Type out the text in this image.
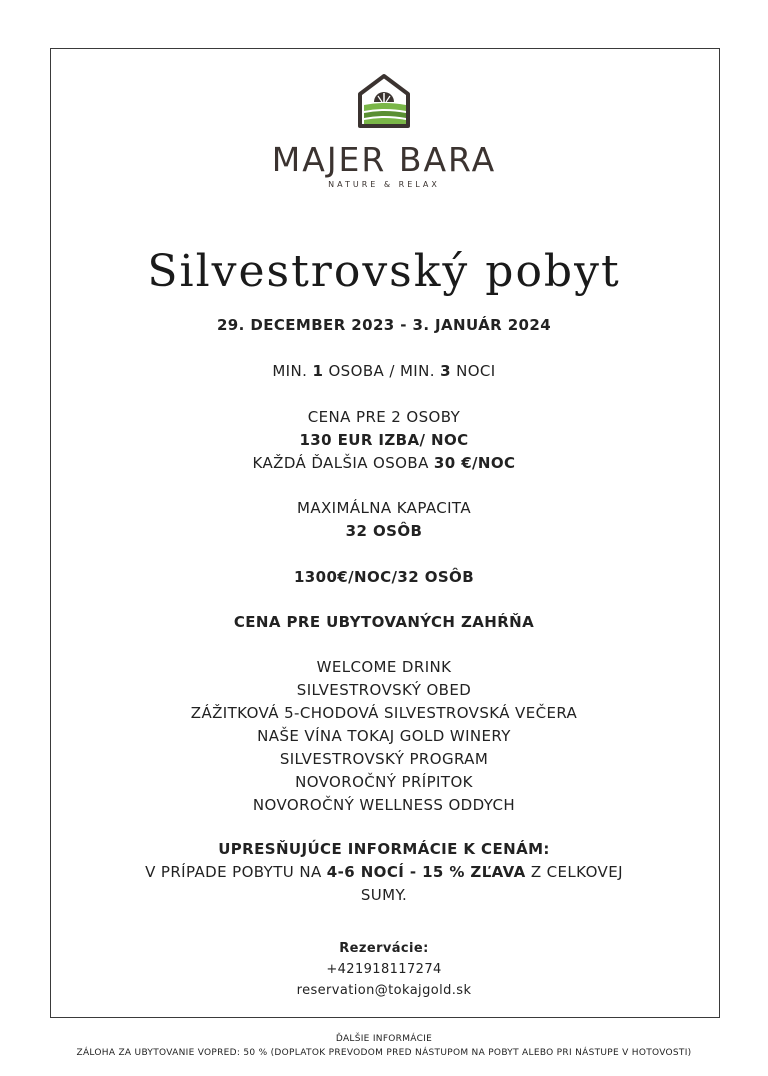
MAJER BARA
NATURE & RELAX
Silvestrovský pobyt
29. DECEMBER 2023 - 3. JANUÁR 2024
MIN. 1 OSOBA / MIN. 3 NOCI
CENA PRE 2 OSOBY
130 EUR IZBA/ NOC
KAŽDÁ ĎALŠIA OSOBA 30 €/NOC
MAXIMÁLNA KAPACITA
32 OSÔB
1300€/NOC/32 OSÔB
CENA PRE UBYTOVANÝCH ZAHŔŇA
WELCOME DRINK
SILVESTROVSKÝ OBED
ZÁŽITKOVÁ 5-CHODOVÁ SILVESTROVSKÁ VEČERA
NAŠE VÍNA TOKAJ GOLD WINERY
SILVESTROVSKÝ PROGRAM
NOVOROČNÝ PRÍPITOK
NOVOROČNÝ WELLNESS ODDYCH
UPRESŇUJÚCE INFORMÁCIE K CENÁM:
V PRÍPADE POBYTU NA 4-6 NOCÍ - 15 % ZĽAVA Z CELKOVEJ
SUMY.
Rezervácie:
+421918117274
reservation@tokajgold.sk
ĎALŠIE INFORMÁCIE
ZÁLOHA ZA UBYTOVANIE VOPRED: 50 % (DOPLATOK PREVODOM PRED NÁSTUPOM NA POBYT ALEBO PRI NÁSTUPE V HOTOVOSTI)
